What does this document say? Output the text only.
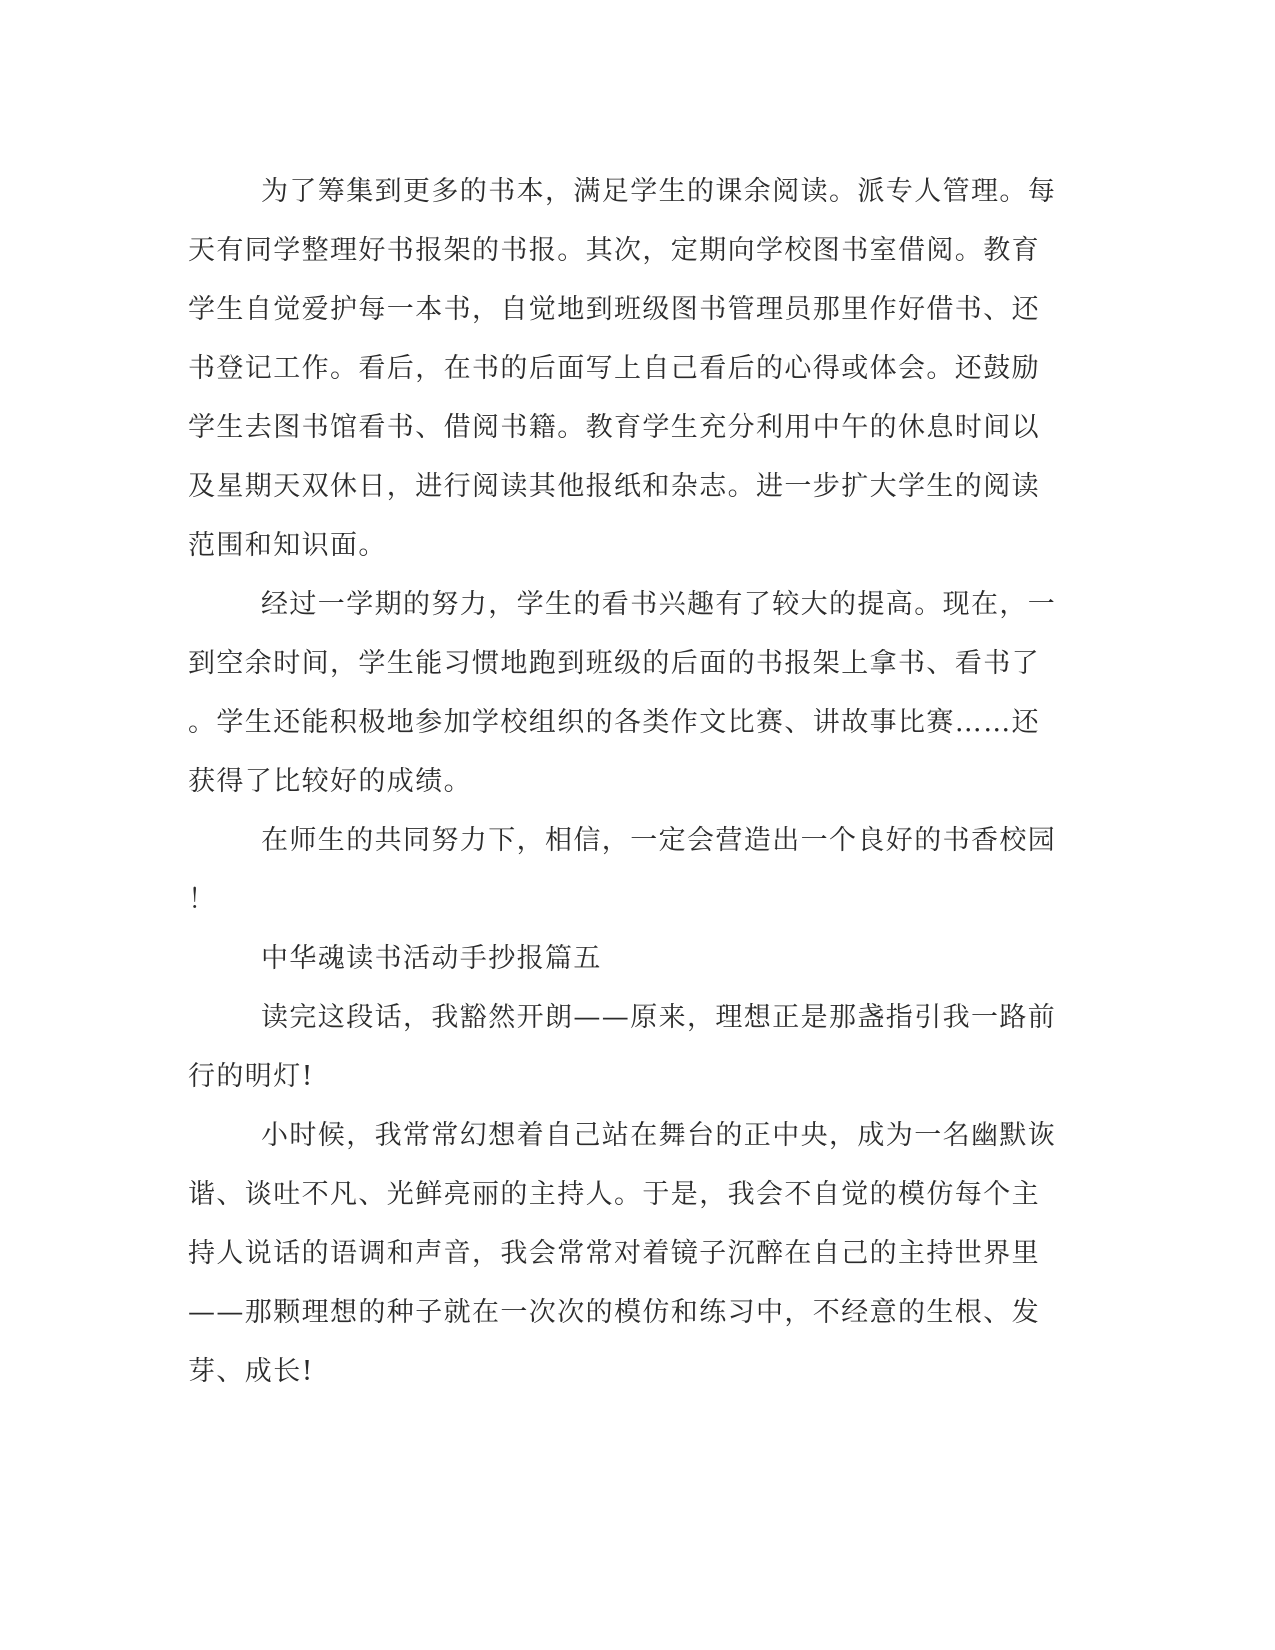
为了筹集到更多的书本，满足学生的课余阅读。派专人管理。每
天有同学整理好书报架的书报。其次，定期向学校图书室借阅。教育
学生自觉爱护每一本书，自觉地到班级图书管理员那里作好借书、还
书登记工作。看后，在书的后面写上自己看后的心得或体会。还鼓励
学生去图书馆看书、借阅书籍。教育学生充分利用中午的休息时间以
及星期天双休日，进行阅读其他报纸和杂志。进一步扩大学生的阅读
范围和知识面。
经过一学期的努力，学生的看书兴趣有了较大的提高。现在，一
到空余时间，学生能习惯地跑到班级的后面的书报架上拿书、看书了
。学生还能积极地参加学校组织的各类作文比赛、讲故事比赛……还
获得了比较好的成绩。
在师生的共同努力下，相信，一定会营造出一个良好的书香校园
！
中华魂读书活动手抄报篇五
读完这段话，我豁然开朗——原来，理想正是那盏指引我一路前
行的明灯!
小时候，我常常幻想着自己站在舞台的正中央，成为一名幽默诙
谐、谈吐不凡、光鲜亮丽的主持人。于是，我会不自觉的模仿每个主
持人说话的语调和声音，我会常常对着镜子沉醉在自己的主持世界里
——那颗理想的种子就在一次次的模仿和练习中，不经意的生根、发
芽、成长!
